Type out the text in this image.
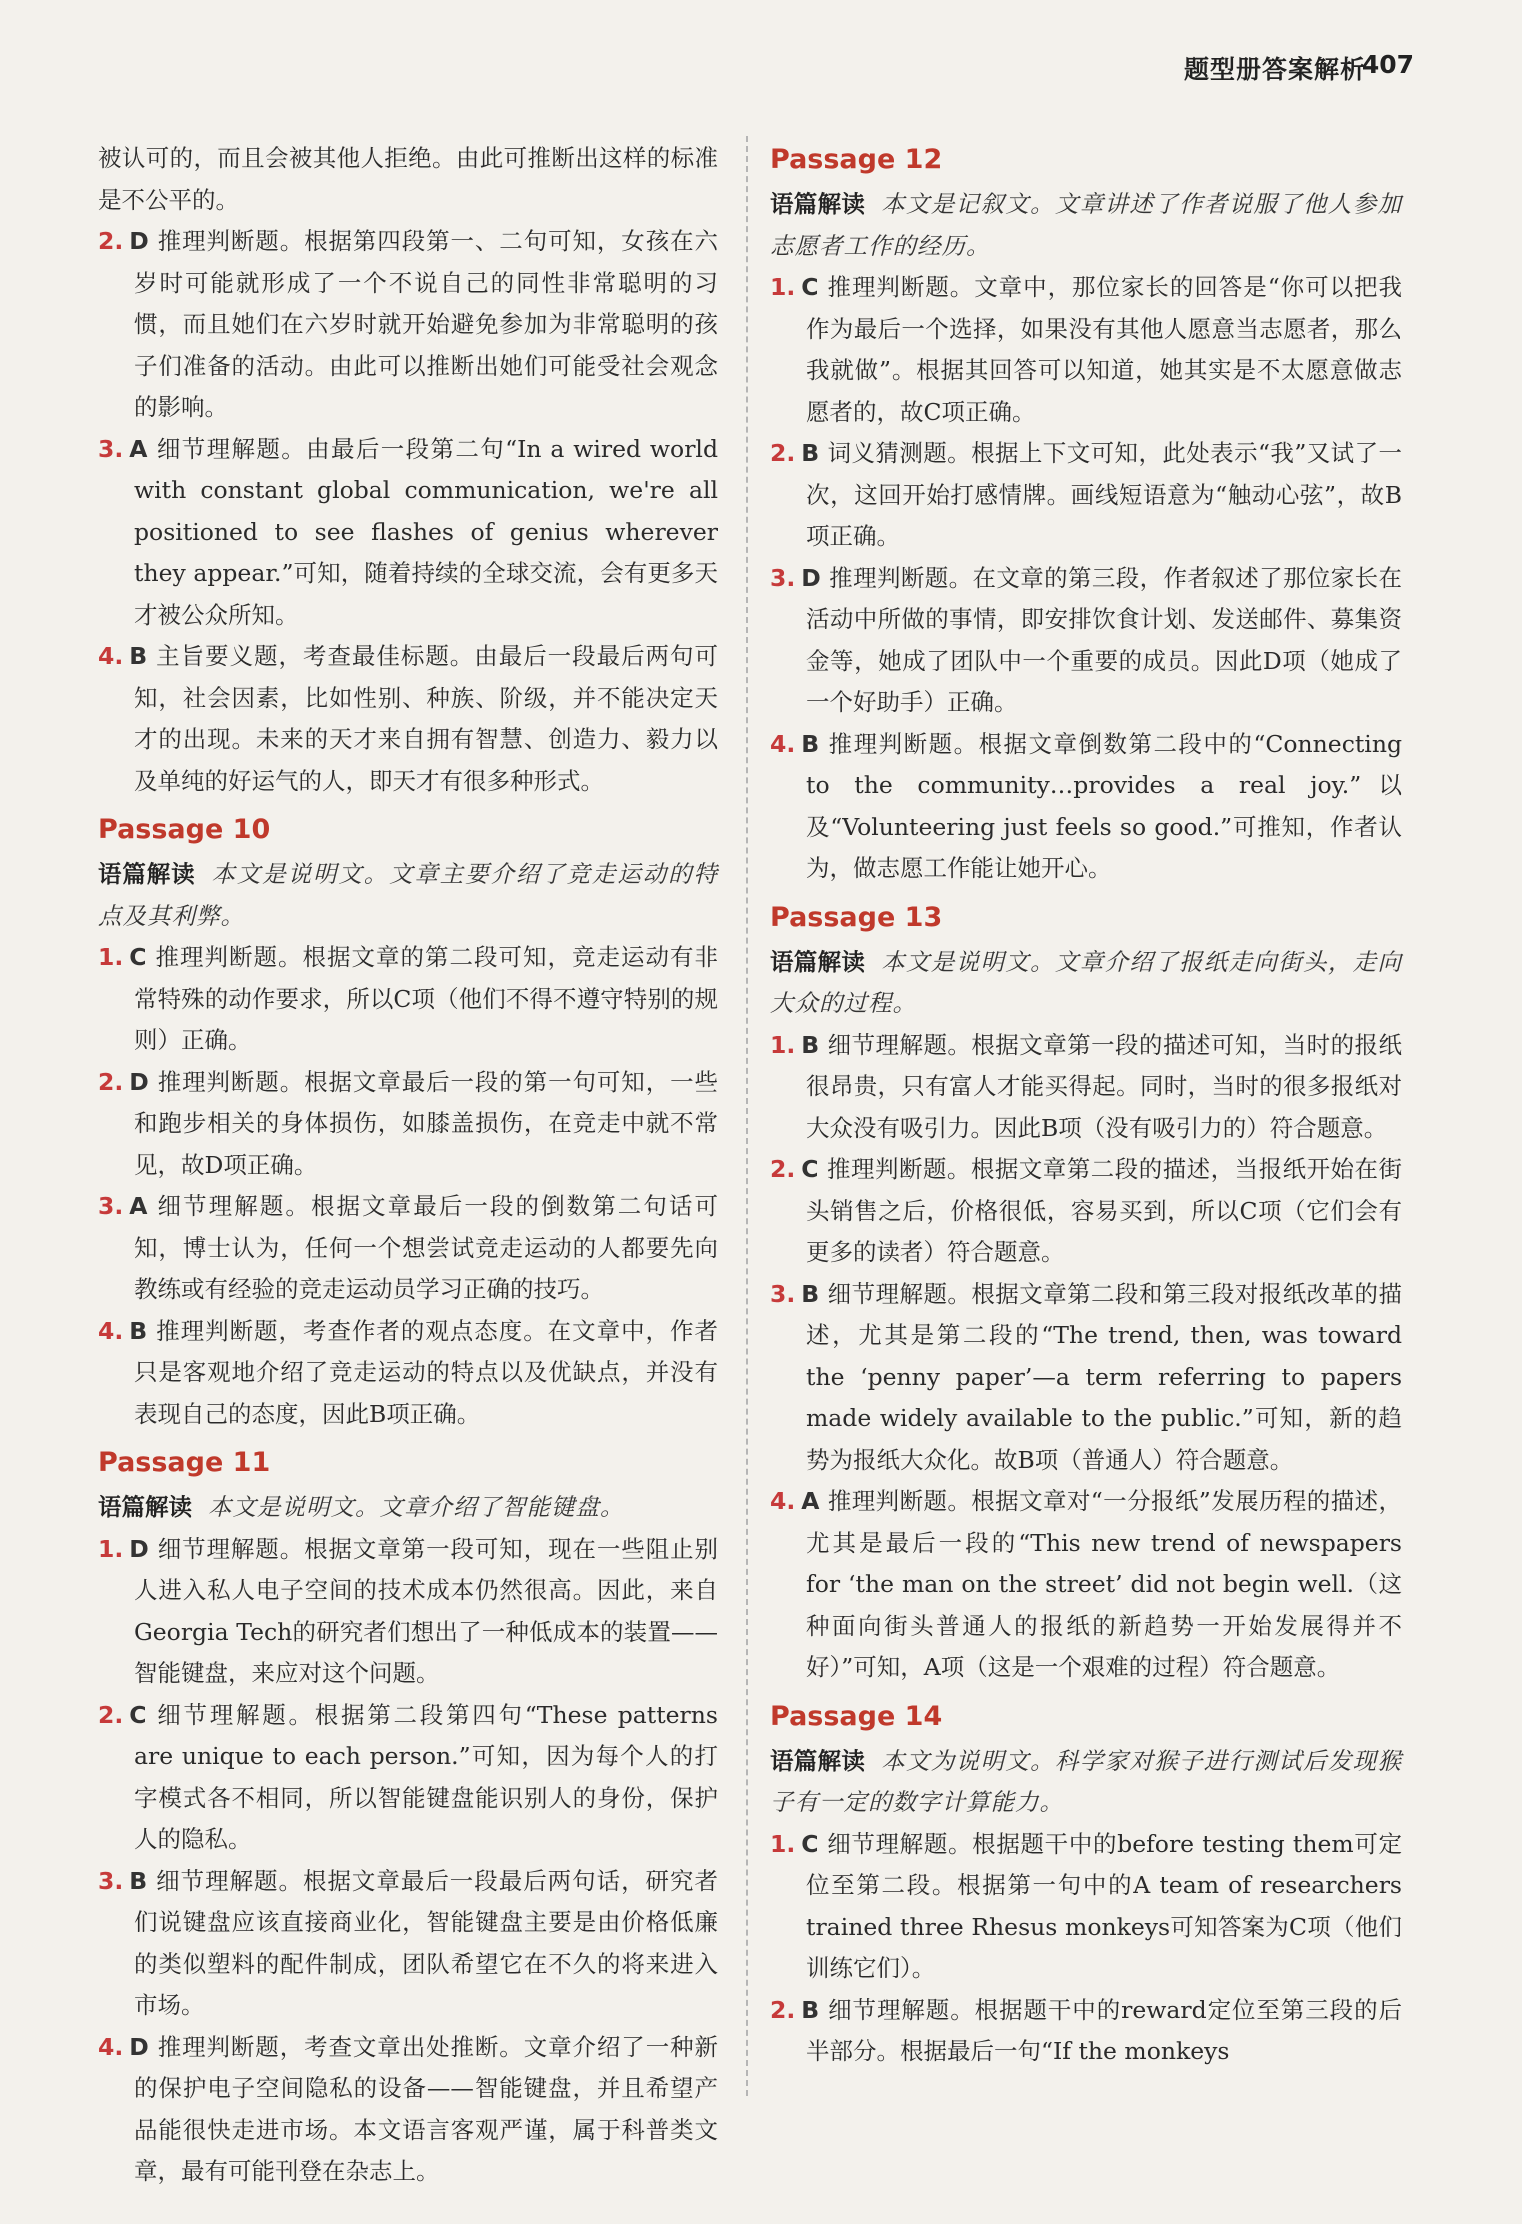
题型册答案解析
407

被认可的，而且会被其他人拒绝。由此可推断出这样的标准是不公平的。

2. D 推理判断题。根据第四段第一、二句可知，女孩在六岁时可能就形成了一个不说自己的同性非常聪明的习惯，而且她们在六岁时就开始避免参加为非常聪明的孩子们准备的活动。由此可以推断出她们可能受社会观念的影响。

3. A 细节理解题。由最后一段第二句“In a wired world with constant global communication, we're all positioned to see flashes of genius wherever they appear.”可知，随着持续的全球交流，会有更多天才被公众所知。

4. B 主旨要义题，考查最佳标题。由最后一段最后两句可知，社会因素，比如性别、种族、阶级，并不能决定天才的出现。未来的天才来自拥有智慧、创造力、毅力以及单纯的好运气的人，即天才有很多种形式。

Passage 10

语篇解读 本文是说明文。文章主要介绍了竞走运动的特点及其利弊。

1. C 推理判断题。根据文章的第二段可知，竞走运动有非常特殊的动作要求，所以C项（他们不得不遵守特别的规则）正确。

2. D 推理判断题。根据文章最后一段的第一句可知，一些和跑步相关的身体损伤，如膝盖损伤，在竞走中就不常见，故D项正确。

3. A 细节理解题。根据文章最后一段的倒数第二句话可知，博士认为，任何一个想尝试竞走运动的人都要先向教练或有经验的竞走运动员学习正确的技巧。

4. B 推理判断题，考查作者的观点态度。在文章中，作者只是客观地介绍了竞走运动的特点以及优缺点，并没有表现自己的态度，因此B项正确。

Passage 11

语篇解读 本文是说明文。文章介绍了智能键盘。

1. D 细节理解题。根据文章第一段可知，现在一些阻止别人进入私人电子空间的技术成本仍然很高。因此，来自Georgia Tech的研究者们想出了一种低成本的装置——智能键盘，来应对这个问题。

2. C 细节理解题。根据第二段第四句“These patterns are unique to each person.”可知，因为每个人的打字模式各不相同，所以智能键盘能识别人的身份，保护人的隐私。

3. B 细节理解题。根据文章最后一段最后两句话，研究者们说键盘应该直接商业化，智能键盘主要是由价格低廉的类似塑料的配件制成，团队希望它在不久的将来进入市场。

4. D 推理判断题，考查文章出处推断。文章介绍了一种新的保护电子空间隐私的设备——智能键盘，并且希望产品能很快走进市场。本文语言客观严谨，属于科普类文章，最有可能刊登在杂志上。

Passage 12

语篇解读 本文是记叙文。文章讲述了作者说服了他人参加志愿者工作的经历。

1. C 推理判断题。文章中，那位家长的回答是“你可以把我作为最后一个选择，如果没有其他人愿意当志愿者，那么我就做”。根据其回答可以知道，她其实是不太愿意做志愿者的，故C项正确。

2. B 词义猜测题。根据上下文可知，此处表示“我”又试了一次，这回开始打感情牌。画线短语意为“触动心弦”，故B项正确。

3. D 推理判断题。在文章的第三段，作者叙述了那位家长在活动中所做的事情，即安排饮食计划、发送邮件、募集资金等，她成了团队中一个重要的成员。因此D项（她成了一个好助手）正确。

4. B 推理判断题。根据文章倒数第二段中的“Connecting to the community…provides a real joy.”以及“Volunteering just feels so good.”可推知，作者认为，做志愿工作能让她开心。

Passage 13

语篇解读 本文是说明文。文章介绍了报纸走向街头，走向大众的过程。

1. B 细节理解题。根据文章第一段的描述可知，当时的报纸很昂贵，只有富人才能买得起。同时，当时的很多报纸对大众没有吸引力。因此B项（没有吸引力的）符合题意。

2. C 推理判断题。根据文章第二段的描述，当报纸开始在街头销售之后，价格很低，容易买到，所以C项（它们会有更多的读者）符合题意。

3. B 细节理解题。根据文章第二段和第三段对报纸改革的描述，尤其是第二段的“The trend, then, was toward the ‘penny paper’—a term referring to papers made widely available to the public.”可知，新的趋势为报纸大众化。故B项（普通人）符合题意。

4. A 推理判断题。根据文章对“一分报纸”发展历程的描述，尤其是最后一段的“This new trend of newspapers for ‘the man on the street’ did not begin well.（这种面向街头普通人的报纸的新趋势一开始发展得并不好）”可知，A项（这是一个艰难的过程）符合题意。

Passage 14

语篇解读 本文为说明文。科学家对猴子进行测试后发现猴子有一定的数字计算能力。

1. C 细节理解题。根据题干中的before testing them可定位至第二段。根据第一句中的A team of researchers trained three Rhesus monkeys可知答案为C项（他们训练它们）。

2. B 细节理解题。根据题干中的reward定位至第三段的后半部分。根据最后一句“If the monkeys
